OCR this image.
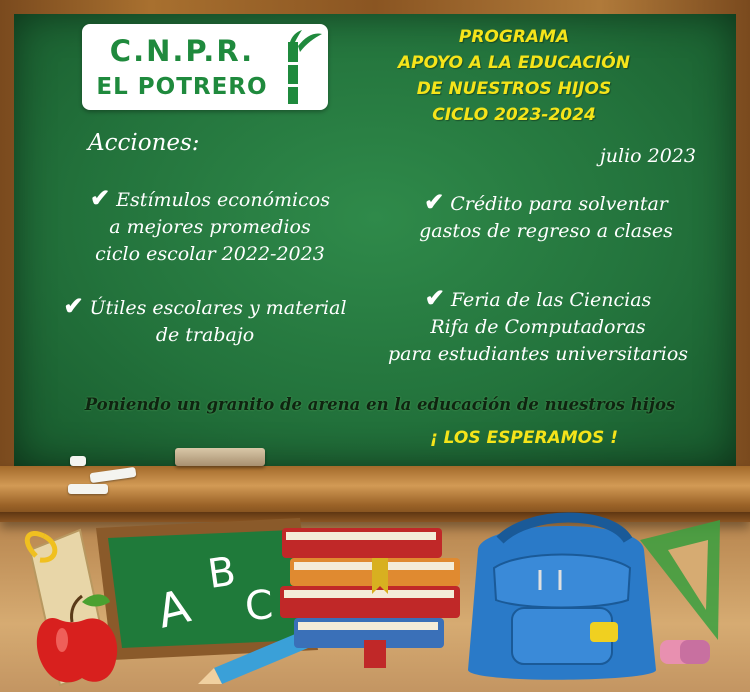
C.N.P.R.
EL POTRERO
PROGRAMA
APOYO A LA EDUCACIÓN
DE NUESTROS HIJOS
CICLO 2023-2024
julio 2023
Acciones:
✔ Estímulos económicos
a mejores promedios
ciclo escolar 2022-2023
✔ Útiles escolares y material
de trabajo
✔ Crédito para solventar
gastos de regreso a clases
✔ Feria de las Ciencias
Rifa de Computadoras
para estudiantes universitarios
Poniendo un granito de arena en la educación de nuestros hijos
¡ LOS ESPERAMOS !
A
B
C
